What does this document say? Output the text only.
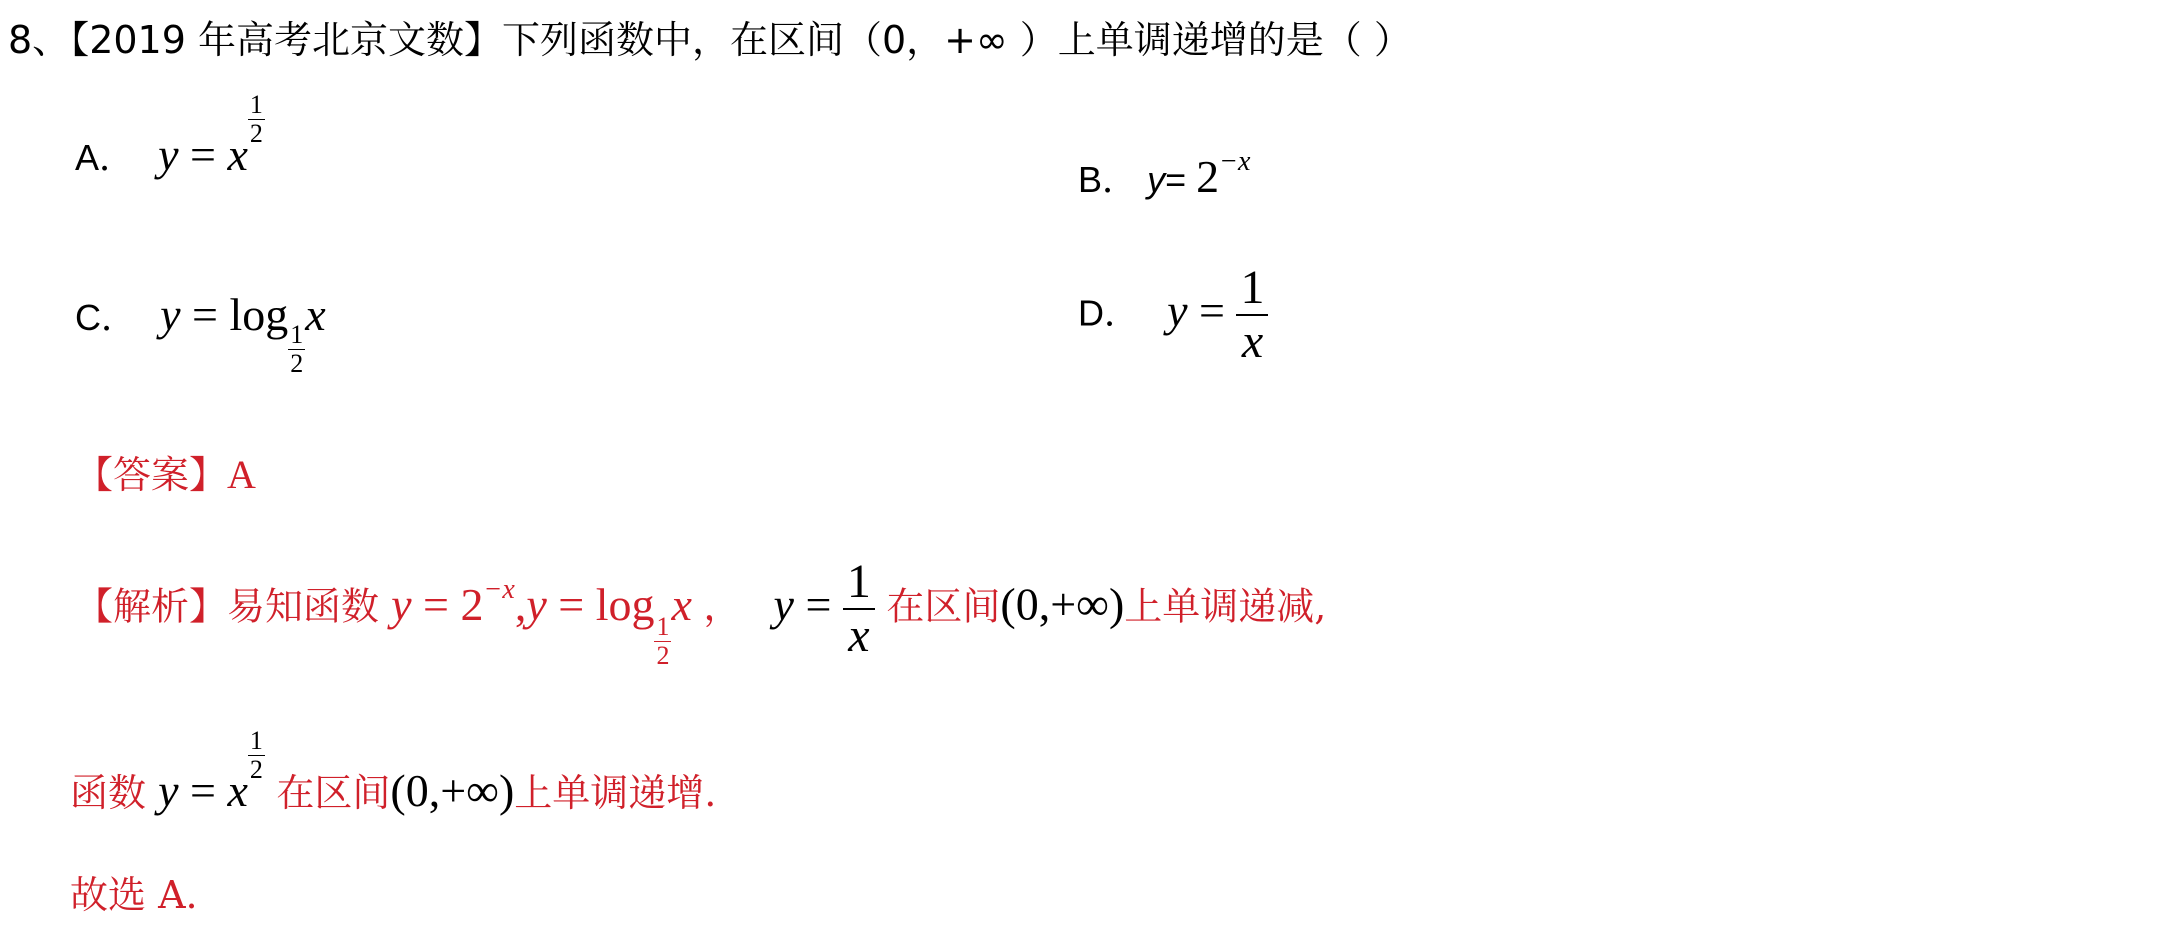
8、【2019 年高考北京文数】下列函数中，在区间（0，+∞ ）上单调递增的是（ ）
A． y = x
$\frac{1}{2}$
B． $y= 2^{-x}$
C． y = log
$\frac{1}{2}$
x	D． $y = \frac{1}{x}$
【答案】A
【解析】易知函数 $y = 2^{-x},y = \log$
$\frac{1}{2}$
x ， $y = \frac{1}{x}$ 在区间(0,+∞)上单调递减,
函数 y = x
$\frac{1}{2}$
在区间(0,+∞)上单调递增.
故选 A.
